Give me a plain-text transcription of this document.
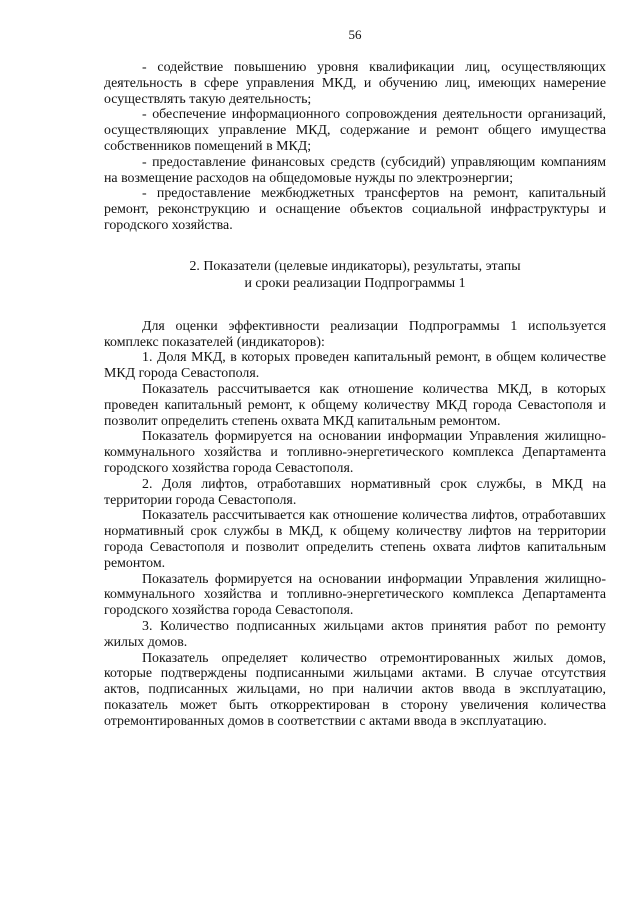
56

- содействие повышению уровня квалификации лиц, осуществляющих деятельность в сфере управления МКД, и обучению лиц, имеющих намерение осуществлять такую деятельность;

- обеспечение информационного сопровождения деятельности организаций, осуществляющих управление МКД, содержание и ремонт общего имущества собственников помещений в МКД;

- предоставление финансовых средств (субсидий) управляющим компаниям на возмещение расходов на общедомовые нужды по электроэнергии;

- предоставление межбюджетных трансфертов на ремонт, капитальный ремонт, реконструкцию и оснащение объектов социальной инфраструктуры и городского хозяйства.

2. Показатели (целевые индикаторы), результаты, этапы
и сроки реализации Подпрограммы 1

Для оценки эффективности реализации Подпрограммы 1 используется комплекс показателей (индикаторов):

1. Доля МКД, в которых проведен капитальный ремонт, в общем количестве МКД города Севастополя.

Показатель рассчитывается как отношение количества МКД, в которых проведен капитальный ремонт, к общему количеству МКД города Севастополя и позволит определить степень охвата МКД капитальным ремонтом.

Показатель формируется на основании информации Управления жилищно-коммунального хозяйства и топливно-энергетического комплекса Департамента городского хозяйства города Севастополя.

2. Доля лифтов, отработавших нормативный срок службы, в МКД на территории города Севастополя.

Показатель рассчитывается как отношение количества лифтов, отработавших нормативный срок службы в МКД, к общему количеству лифтов на территории города Севастополя и позволит определить степень охвата лифтов капитальным ремонтом.

Показатель формируется на основании информации Управления жилищно-коммунального хозяйства и топливно-энергетического комплекса Департамента городского хозяйства города Севастополя.

3. Количество подписанных жильцами актов принятия работ по ремонту жилых домов.

Показатель определяет количество отремонтированных жилых домов, которые подтверждены подписанными жильцами актами. В случае отсутствия актов, подписанных жильцами, но при наличии актов ввода в эксплуатацию, показатель может быть откорректирован в сторону увеличения количества отремонтированных домов в соответствии с актами ввода в эксплуатацию.
